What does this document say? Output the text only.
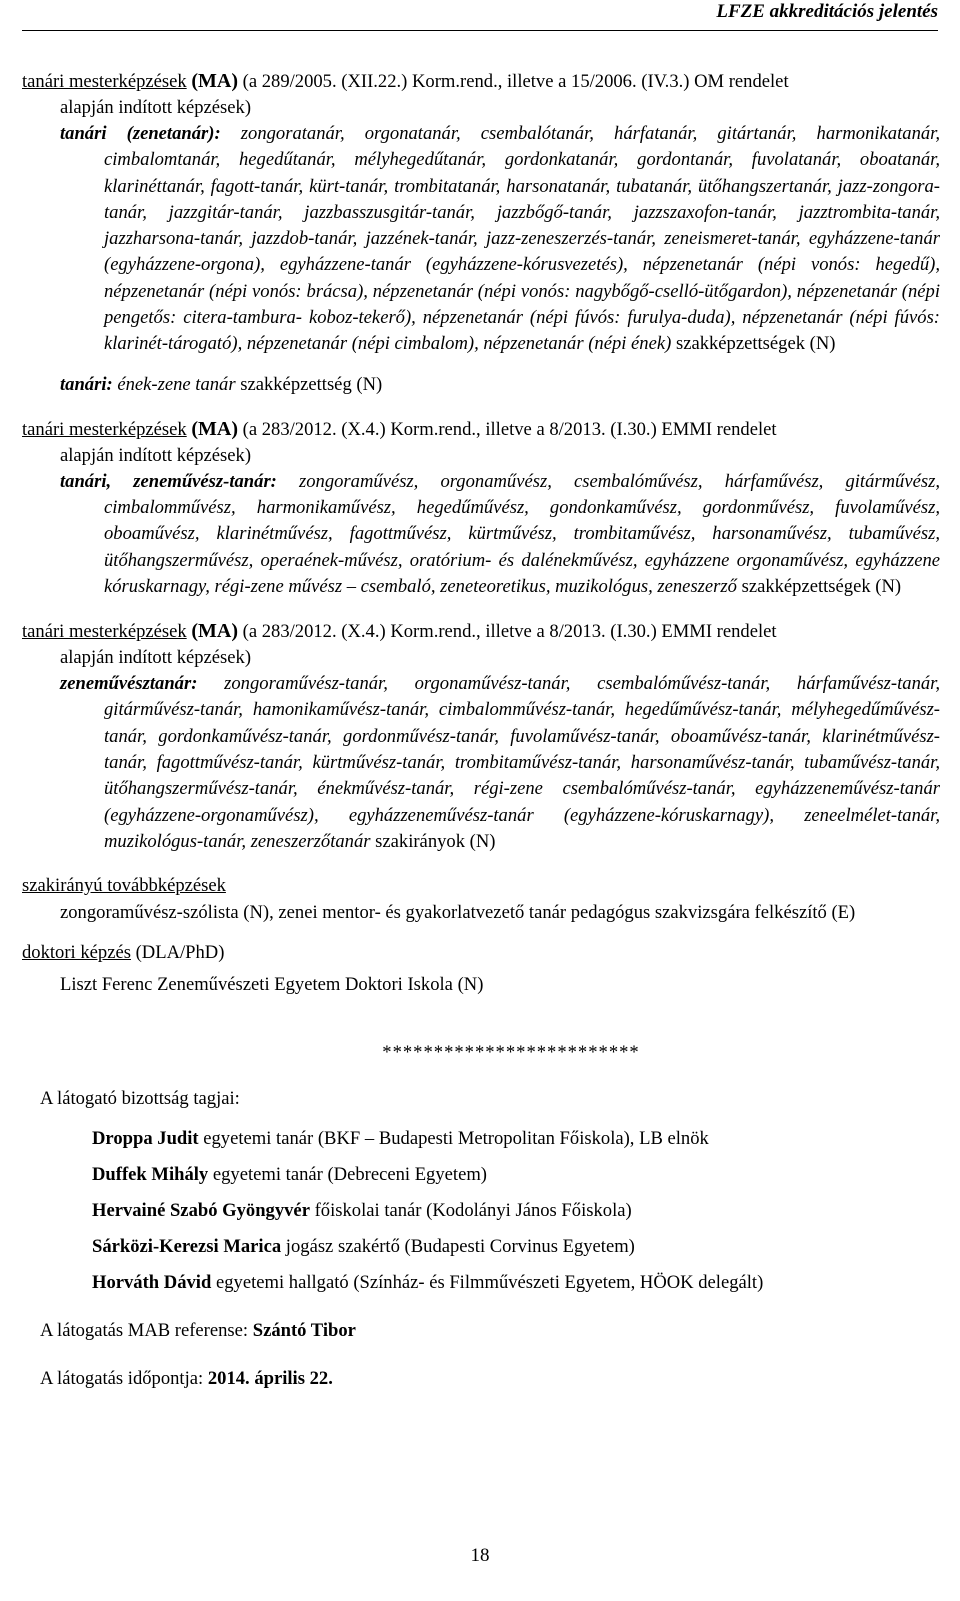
LFZE akkreditációs jelentés
tanári mesterképzések (MA) (a 289/2005. (XII.22.) Korm.rend., illetve a 15/2006. (IV.3.) OM rendelet
alapján indított képzések)
tanári (zenetanár): zongoratanár, orgonatanár, csembalótanár, hárfatanár, gitártanár, harmonikatanár, cimbalomtanár, hegedűtanár, mélyhegedűtanár, gordonkatanár, gordontanár, fuvolatanár, oboatanár, klarinéttanár, fagott-tanár, kürt-tanár, trombitatanár, harsonatanár, tubatanár, ütőhangszertanár, jazz-zongora-tanár, jazzgitár-tanár, jazzbasszusgitár-tanár, jazzbőgő-tanár, jazzszaxofon-tanár, jazztrombita-tanár, jazzharsona-tanár, jazzdob-tanár, jazzének-tanár, jazz-zeneszerzés-tanár, zeneismeret-tanár, egyházzene-tanár (egyházzene-orgona), egyházzene-tanár (egyházzene-kórusvezetés), népzenetanár (népi vonós: hegedű), népzenetanár (népi vonós: brácsa), népzenetanár (népi vonós: nagybőgő-cselló-ütőgardon), népzenetanár (népi pengetős: citera-tambura- koboz-tekerő), népzenetanár (népi fúvós: furulya-duda), népzenetanár (népi fúvós: klarinét-tárogató), népzenetanár (népi cimbalom), népzenetanár (népi ének) szakképzettségek (N)
tanári: ének-zene tanár szakképzettség (N)
tanári mesterképzések (MA) (a 283/2012. (X.4.) Korm.rend., illetve a 8/2013. (I.30.) EMMI rendelet
alapján indított képzések)
tanári, zeneművész-tanár: zongoraművész, orgonaművész, csembalóművész, hárfaművész, gitárművész, cimbalomművész, harmonikaművész, hegedűművész, gondonkaművész, gordonművész, fuvolaművész, oboaművész, klarinétművész, fagottművész, kürtművész, trombitaművész, harsonaművész, tubaművész, ütőhangszerművész, operaének-művész, oratórium- és dalénekművész, egyházzene orgonaművész, egyházzene kóruskarnagy, régi-zene művész – csembaló, zeneteoretikus, muzikológus, zeneszerző szakképzettségek (N)
tanári mesterképzések (MA) (a 283/2012. (X.4.) Korm.rend., illetve a 8/2013. (I.30.) EMMI rendelet
alapján indított képzések)
zeneművésztanár: zongoraművész-tanár, orgonaművész-tanár, csembalóművész-tanár, hárfaművész-tanár, gitárművész-tanár, hamonikaművész-tanár, cimbalomművész-tanár, hegedűművész-tanár, mélyhegedűművész-tanár, gordonkaművész-tanár, gordonművész-tanár, fuvolaművész-tanár, oboaművész-tanár, klarinétművész-tanár, fagottművész-tanár, kürtművész-tanár, trombitaművész-tanár, harsonaművész-tanár, tubaművész-tanár, ütőhangszerművész-tanár, énekművész-tanár, régi-zene csembalóművész-tanár, egyházzeneművész-tanár (egyházzene-orgonaművész), egyházzeneművész-tanár (egyházzene-kóruskarnagy), zeneelmélet-tanár, muzikológus-tanár, zeneszerzőtanár szakirányok (N)
szakirányú továbbképzések
zongoraművész-szólista (N), zenei mentor- és gyakorlatvezető tanár pedagógus szakvizsgára felkészítő (E)
doktori képzés (DLA/PhD)
Liszt Ferenc Zeneművészeti Egyetem Doktori Iskola (N)
*************************
A látogató bizottság tagjai:
Droppa Judit egyetemi tanár (BKF – Budapesti Metropolitan Főiskola), LB elnök
Duffek Mihály egyetemi tanár (Debreceni Egyetem)
Hervainé Szabó Gyöngyvér főiskolai tanár (Kodolányi János Főiskola)
Sárközi-Kerezsi Marica jogász szakértő (Budapesti Corvinus Egyetem)
Horváth Dávid egyetemi hallgató (Színház- és Filmművészeti Egyetem, HÖOK delegált)
A látogatás MAB referense: Szántó Tibor
A látogatás időpontja: 2014. április 22.
18
